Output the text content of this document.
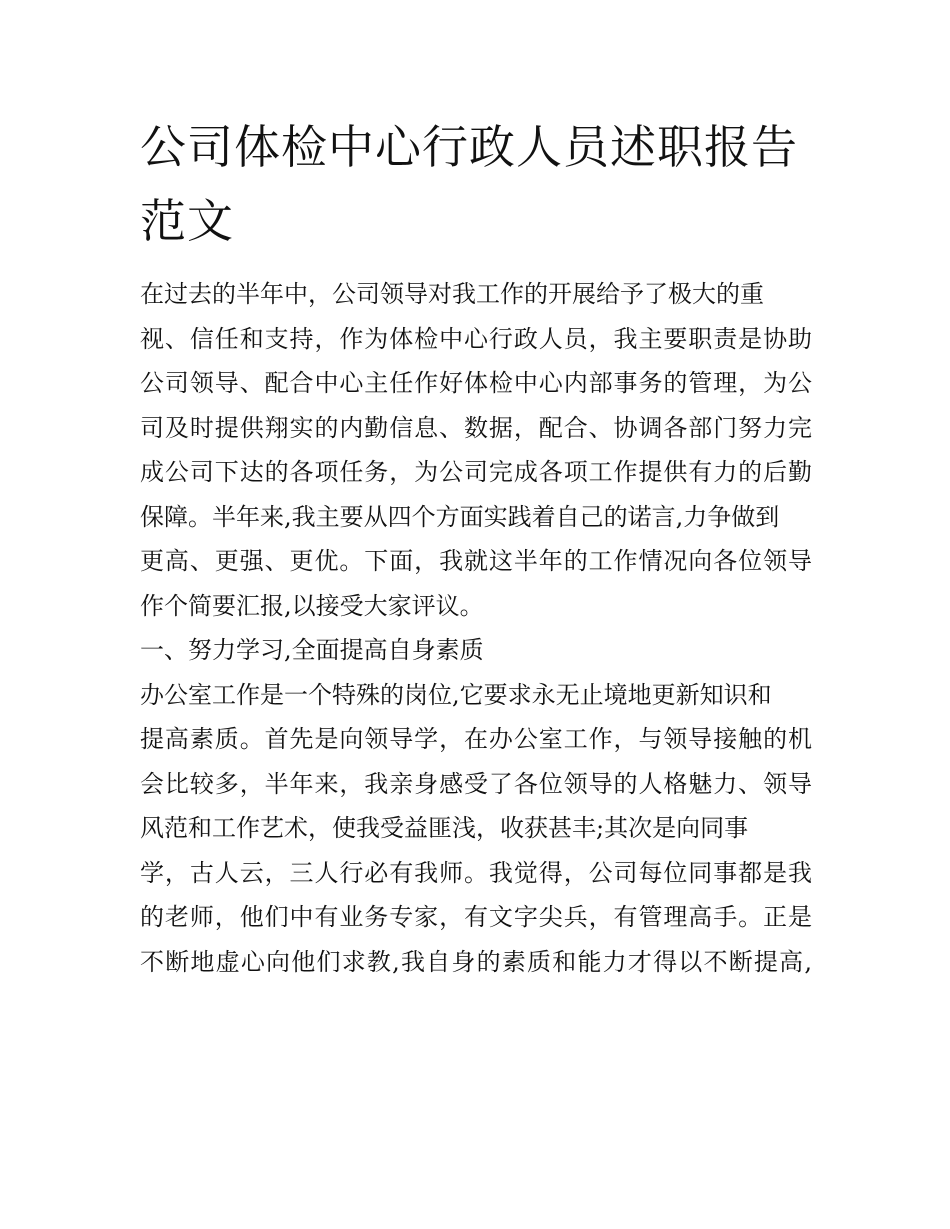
公司体检中心行政人员述职报告范文
在过去的半年中，公司领导对我工作的开展给予了极大的重
视、信任和支持，作为体检中心行政人员，我主要职责是协助
公司领导、配合中心主任作好体检中心内部事务的管理，为公
司及时提供翔实的内勤信息、数据，配合、协调各部门努力完
成公司下达的各项任务，为公司完成各项工作提供有力的后勤
保障。半年来,我主要从四个方面实践着自己的诺言,力争做到
更高、更强、更优。下面，我就这半年的工作情况向各位领导
作个简要汇报,以接受大家评议。
一、努力学习,全面提高自身素质
办公室工作是一个特殊的岗位,它要求永无止境地更新知识和
提高素质。首先是向领导学，在办公室工作，与领导接触的机
会比较多，半年来，我亲身感受了各位领导的人格魅力、领导
风范和工作艺术，使我受益匪浅，收获甚丰;其次是向同事
学，古人云，三人行必有我师。我觉得，公司每位同事都是我
的老师，他们中有业务专家，有文字尖兵，有管理高手。正是
不断地虚心向他们求教,我自身的素质和能力才得以不断提高,
